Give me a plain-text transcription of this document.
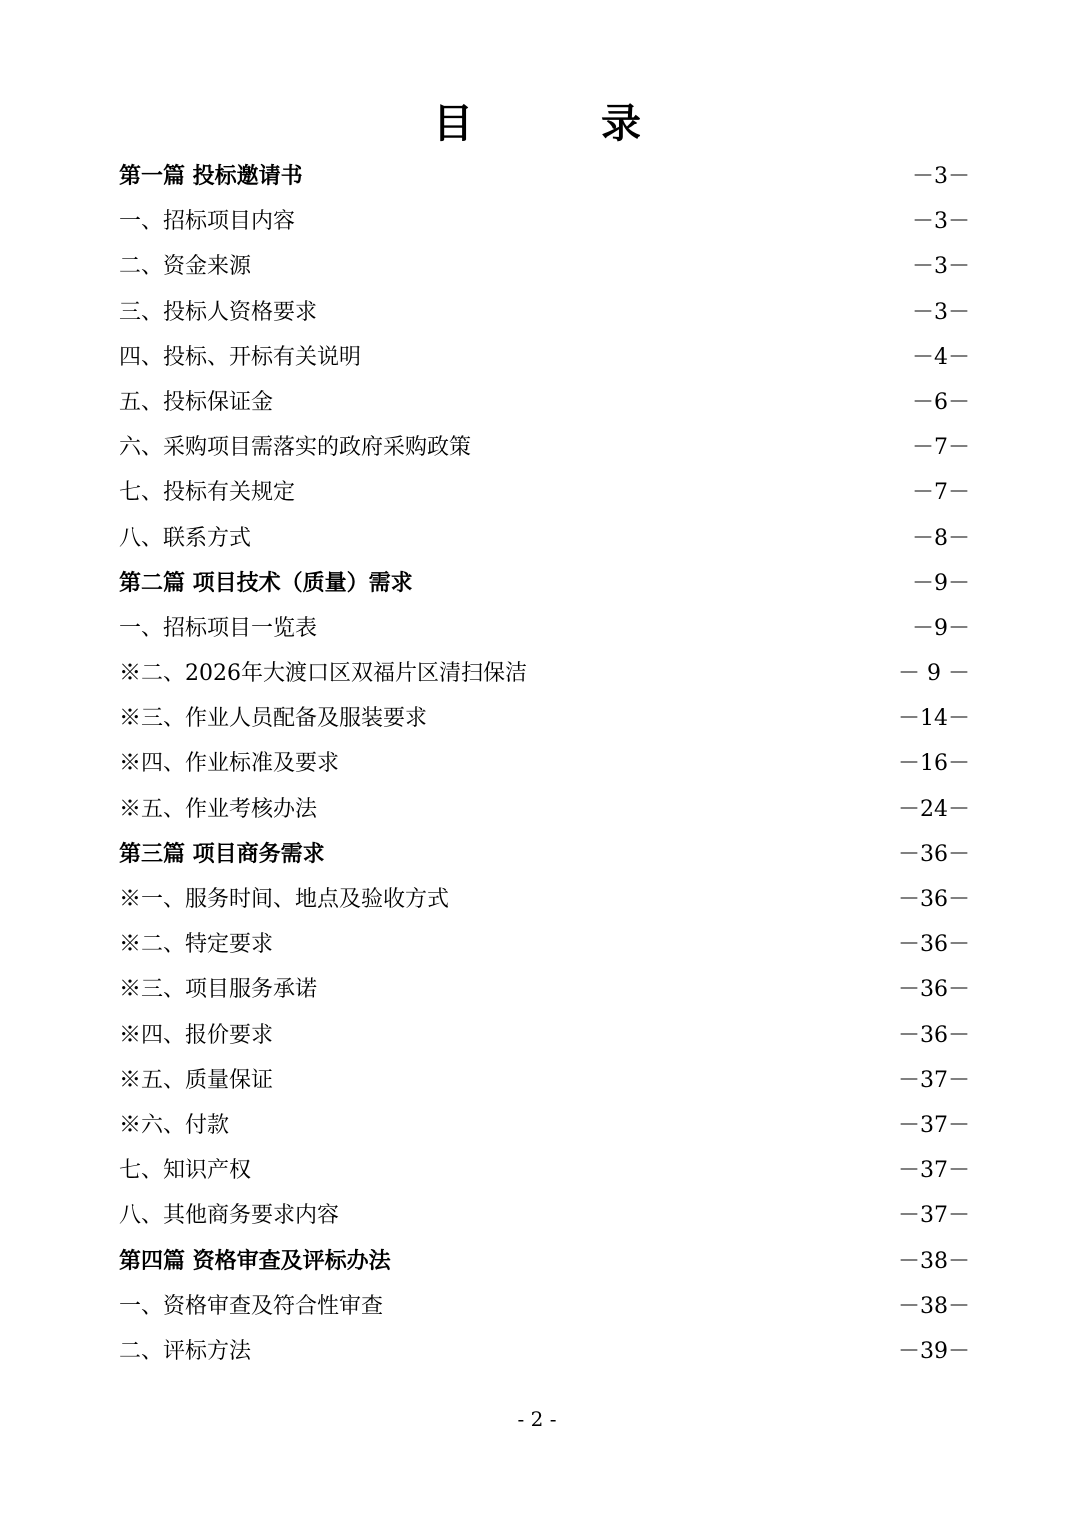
目　录
第一篇 投标邀请书	－3－
一、招标项目内容	－3－
二、资金来源	－3－
三、投标人资格要求	－3－
四、投标、开标有关说明	－4－
五、投标保证金	－6－
六、采购项目需落实的政府采购政策	－7－
七、投标有关规定	－7－
八、联系方式	－8－
第二篇 项目技术（质量）需求	－9－
一、招标项目一览表	－9－
※二、2026年大渡口区双福片区清扫保洁	－ 9 －
※三、作业人员配备及服装要求	－14－
※四、作业标准及要求	－16－
※五、作业考核办法	－24－
第三篇 项目商务需求	－36－
※一、服务时间、地点及验收方式	－36－
※二、特定要求	－36－
※三、项目服务承诺	－36－
※四、报价要求	－36－
※五、质量保证	－37－
※六、付款	－37－
七、知识产权	－37－
八、其他商务要求内容	－37－
第四篇 资格审查及评标办法	－38－
一、资格审查及符合性审查	－38－
二、评标方法	－39－
- 2 -
